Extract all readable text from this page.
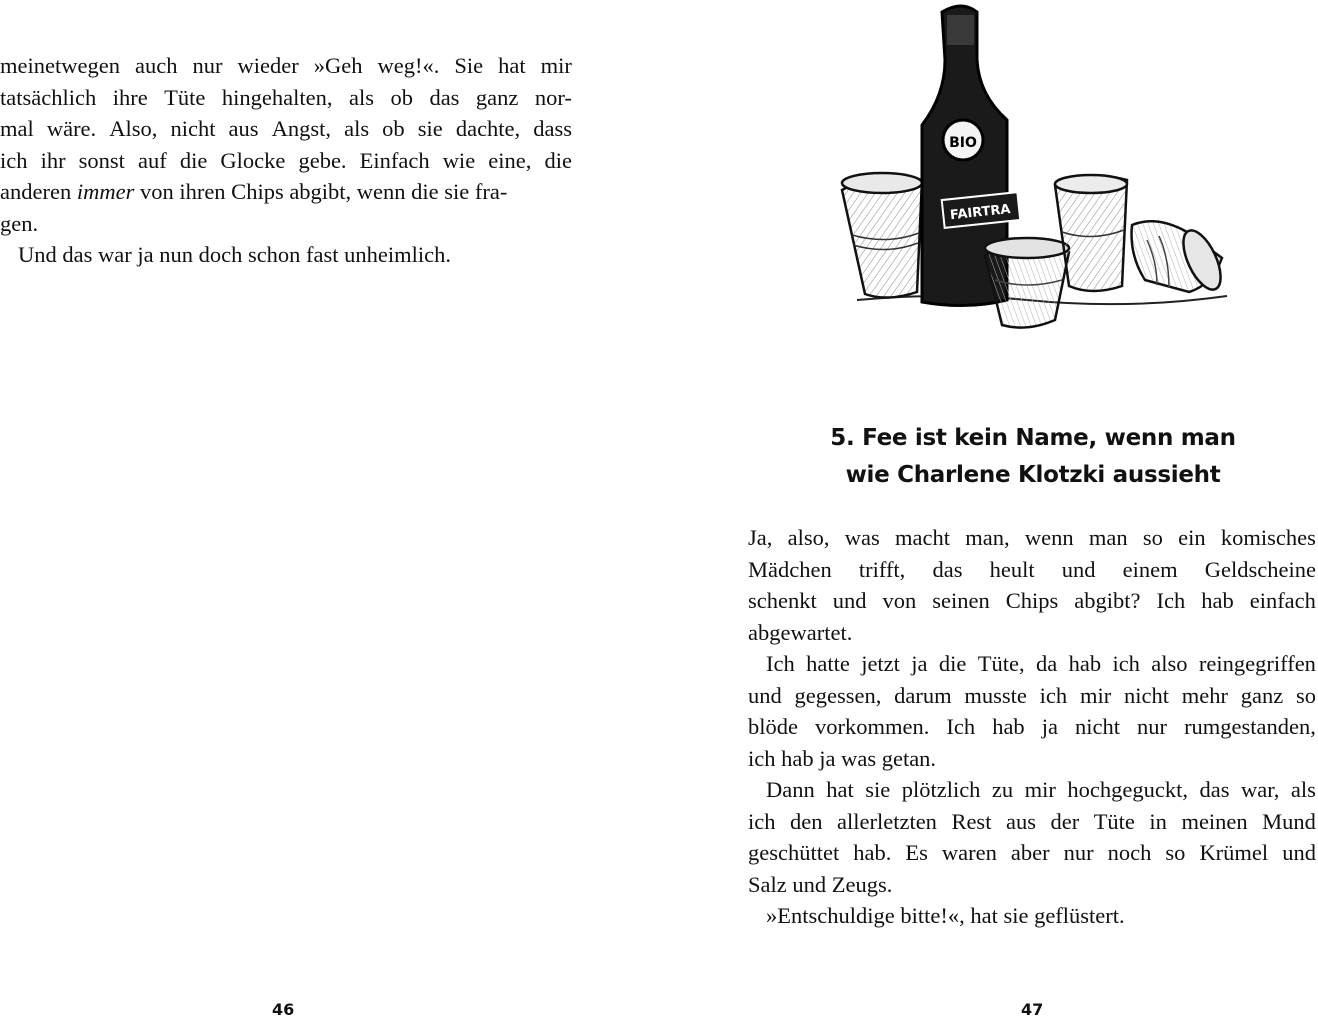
meinetwegen auch nur wieder »Geh weg!«. Sie hat mir
tatsächlich ihre Tüte hingehalten, als ob das ganz nor-
mal wäre. Also, nicht aus Angst, als ob sie dachte, dass
ich ihr sonst auf die Glocke gebe. Einfach wie eine, die
anderen immer von ihren Chips abgibt, wenn die sie fra-
gen.
Und das war ja nun doch schon fast unheimlich.
46
BIO
FAIRTRA
5. Fee ist kein Name, wenn man
wie Charlene Klotzki aussieht
Ja, also, was macht man, wenn man so ein komisches
Mädchen trifft, das heult und einem Geldscheine
schenkt und von seinen Chips abgibt? Ich hab einfach
abgewartet.
Ich hatte jetzt ja die Tüte, da hab ich also reingegriffen
und gegessen, darum musste ich mir nicht mehr ganz so
blöde vorkommen. Ich hab ja nicht nur rumgestanden,
ich hab ja was getan.
Dann hat sie plötzlich zu mir hochgeguckt, das war, als
ich den allerletzten Rest aus der Tüte in meinen Mund
geschüttet hab. Es waren aber nur noch so Krümel und
Salz und Zeugs.
»Entschuldige bitte!«, hat sie geflüstert.
47
